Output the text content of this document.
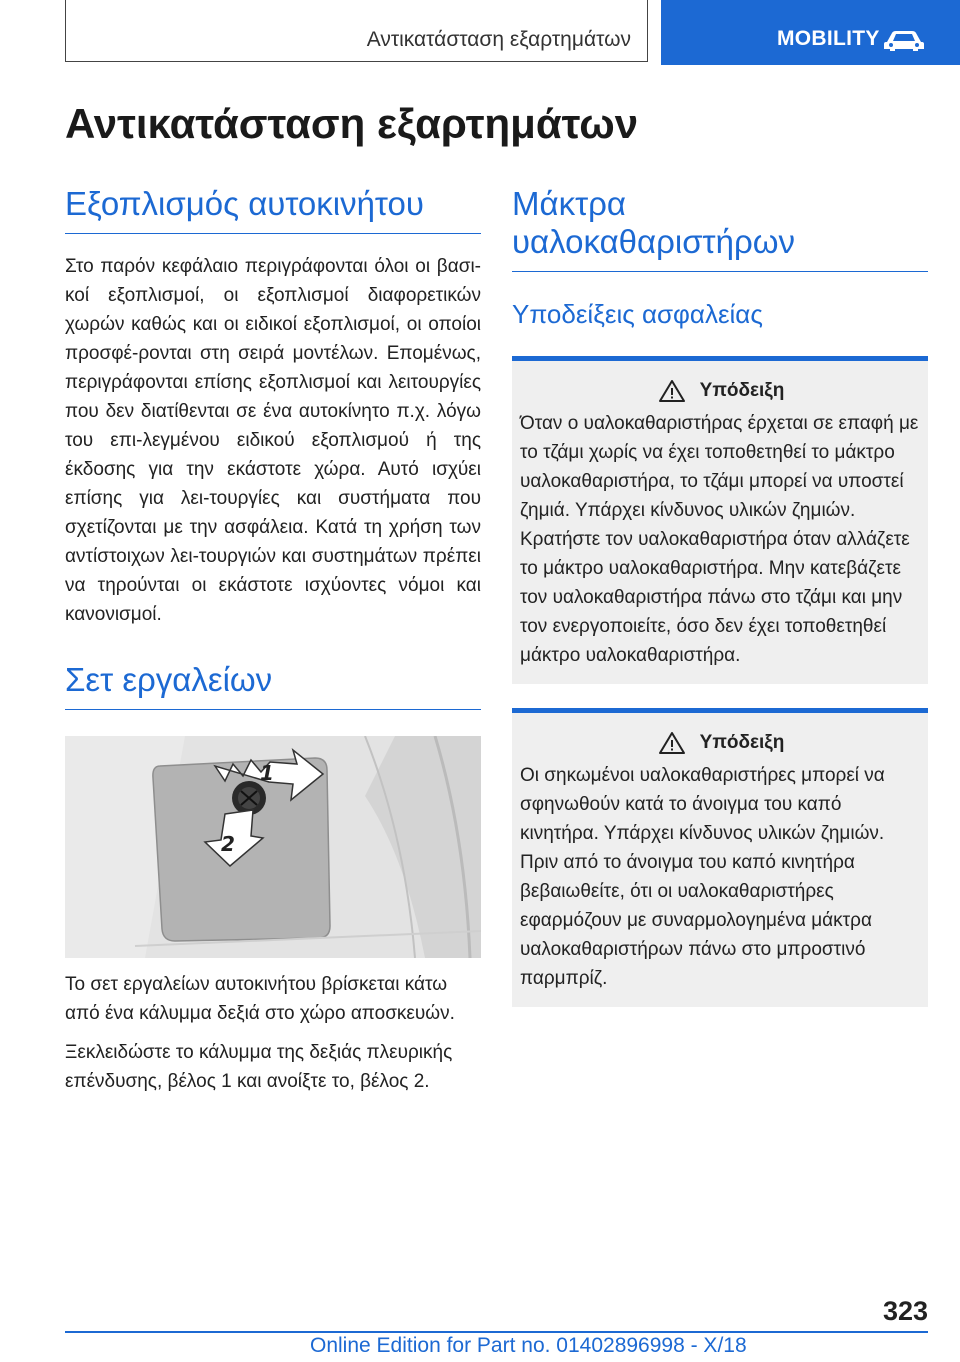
Αντικατάσταση εξαρτημάτων	MOBILITY
Αντικατάσταση εξαρτημάτων
Εξοπλισμός αυτοκινήτου

Στο παρόν κεφάλαιο περιγράφονται όλοι οι βασι-κοί εξοπλισμοί, οι εξοπλισμοί διαφορετικών χωρών καθώς και οι ειδικοί εξοπλισμοί, οι οποίοι προσφέ-ρονται στη σειρά μοντέλων. Επομένως, περιγράφονται επίσης εξοπλισμοί και λειτουργίες που δεν διατίθενται σε ένα αυτοκίνητο π.χ. λόγω του επι-λεγμένου ειδικού εξοπλισμού ή της έκδοσης για την εκάστοτε χώρα. Αυτό ισχύει επίσης για λει-τουργίες και συστήματα που σχετίζονται με την ασφάλεια. Κατά τη χρήση των αντίστοιχων λει-τουργιών και συστημάτων πρέπει να τηρούνται οι εκάστοτε ισχύοντες νόμοι και κανονισμοί.

Σετ εργαλείων
1
2

Το σετ εργαλείων αυτοκινήτου βρίσκεται κάτω από ένα κάλυμμα δεξιά στο χώρο αποσκευών.

Ξεκλειδώστε το κάλυμμα της δεξιάς πλευρικής επένδυσης, βέλος 1 και ανοίξτε το, βέλος 2.

Μάκτρα
υαλοκαθαριστήρων
Υποδείξεις ασφαλείας
Υπόδειξη

Όταν ο υαλοκαθαριστήρας έρχεται σε επαφή με το τζάμι χωρίς να έχει τοποθετηθεί το μάκτρο υαλοκαθαριστήρα, το τζάμι μπορεί να υποστεί ζημιά. Υπάρχει κίνδυνος υλικών ζημιών. Κρατήστε τον υαλοκαθαριστήρα όταν αλλάζετε το μάκτρο υαλοκαθαριστήρα. Μην κατεβάζετε τον υαλοκαθαριστήρα πάνω στο τζάμι και μην τον ενεργοποιείτε, όσο δεν έχει τοποθετηθεί μάκτρο υαλοκαθαριστήρα.

Υπόδειξη

Οι σηκωμένοι υαλοκαθαριστήρες μπορεί να σφηνωθούν κατά το άνοιγμα του καπό κινητήρα. Υπάρχει κίνδυνος υλικών ζημιών. Πριν από το άνοιγμα του καπό κινητήρα βεβαιωθείτε, ότι οι υαλοκαθαριστήρες εφαρμόζουν με συναρμολογημένα μάκτρα υαλοκαθαριστήρων πάνω στο μπροστινό παρμπρίζ.

323
Online Edition for Part no. 01402896998 - X/18
